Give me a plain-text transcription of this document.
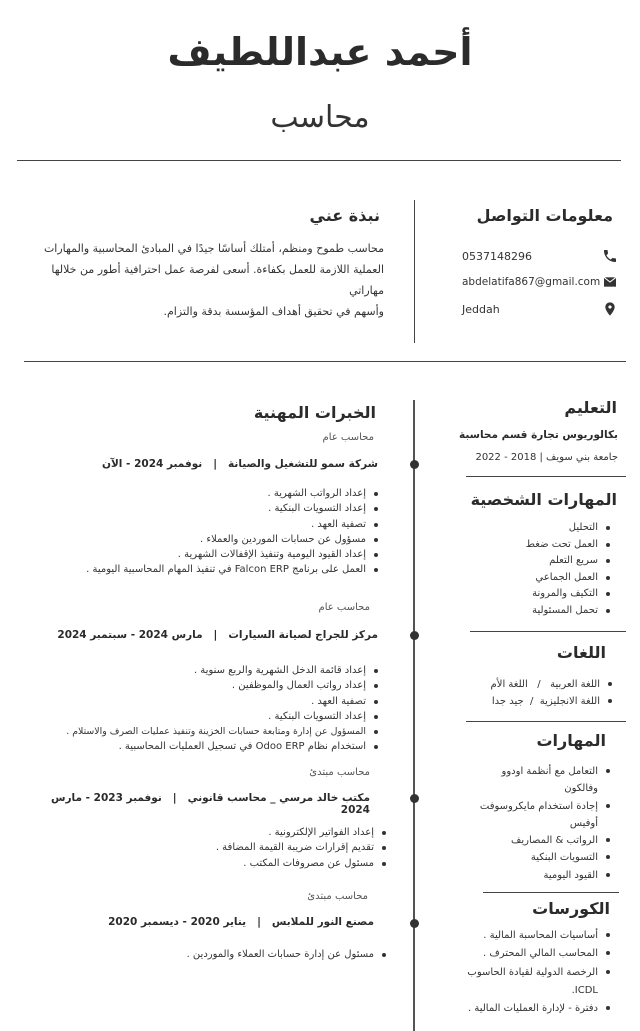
أحمد عبداللطيف
محاسب
معلومات التواصل
0537148296
abdelatifa867@gmail.com
Jeddah
نبذة عني
محاسب طموح ومنظم، أمتلك أساسًا جيدًا في المبادئ المحاسبية والمهارات
العملية اللازمة للعمل بكفاءة. أسعى لفرصة عمل احترافية أطور من خلالها مهاراتي
وأسهم في تحقيق أهداف المؤسسة بدقة والتزام.
الخبرات المهنية
محاسب عام
شركة سمو للتشغيل والصيانة   |   نوفمبر 2024 - الآن
إعداد الرواتب الشهرية .
إعداد التسويات البنكية .
تصفية العهد .
مسؤول عن حسابات الموردين والعملاء .
إعداد القيود اليومية وتنفيذ الإقفالات الشهرية .
العمل على برنامج Falcon ERP في تنفيذ المهام المحاسبية اليومية .
محاسب عام
مركز للجراج لصيانة السيارات   |   مارس 2024 - سبتمبر 2024
إعداد قائمة الدخل الشهرية والربع سنوية .
إعداد رواتب العمال والموظفين .
تصفية العهد .
إعداد التسويات البنكية .
المسؤول عن إدارة ومتابعة حسابات الخزينة وتنفيذ عمليات الصرف والاستلام .
استخدام نظام Odoo ERP في تسجيل العمليات المحاسبية .
محاسب مبتدئ
مكتب خالد مرسي _ محاسب قانوني   |   نوفمبر 2023 - مارس 2024
إعداد الفواتير الإلكترونية .
تقديم إقرارات ضريبة القيمة المضافة .
مسئول عن مصروفات المكتب .
محاسب مبتدئ
مصنع النور للملابس   |   يناير 2020 - ديسمبر 2020
مسئول عن إدارة حسابات العملاء والموردين .
التعليم
بكالوريوس تجارة قسم محاسبة
جامعة بني سويف | 2018 - 2022
المهارات الشخصية
التحليل
العمل تحت ضغط
سريع التعلم
العمل الجماعي
التكيف والمرونة
تحمل المسئولية
اللغات
اللغة العربية   /   اللغة الأم
اللغة الانجليزية  /  جيد جدا
المهارات
التعامل مع أنظمة اودوو
وفالكون
إجادة استخدام مايكروسوفت
أوفيس
الرواتب & المصاريف
التسويات البنكية
القيود اليومية
الكورسات
أساسيات المحاسبة المالية .
المحاسب المالي المحترف .
الرخصة الدولية لقيادة الحاسوب
ICDL.
دفترة - لإدارة العمليات المالية .
